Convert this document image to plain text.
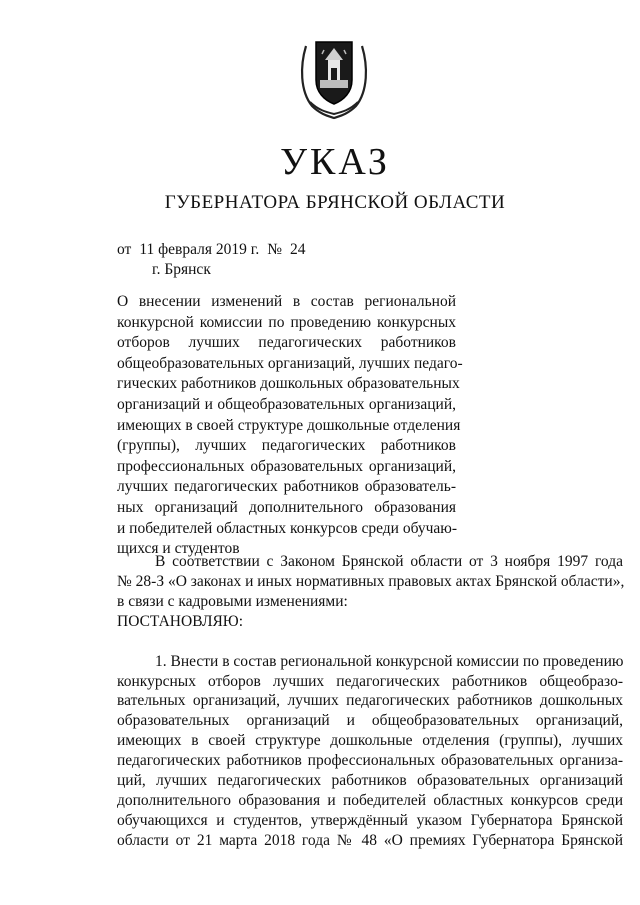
УКАЗ
ГУБЕРНАТОРА БРЯНСКОЙ ОБЛАСТИ
от 11 февраля 2019 г. № 24
г. Брянск
О внесении изменений в состав региональной
конкурсной комиссии по проведению конкурсных
отборов лучших педагогических работников
общеобразовательных организаций, лучших педаго-
гических работников дошкольных образовательных
организаций и общеобразовательных организаций,
имеющих в своей структуре дошкольные отделения
(группы), лучших педагогических работников
профессиональных образовательных организаций,
лучших педагогических работников образователь-
ных организаций дополнительного образования
и победителей областных конкурсов среди обучаю-
щихся и студентов
В соответствии с Законом Брянской области от 3 ноября 1997 года
№ 28-З «О законах и иных нормативных правовых актах Брянской области»,
в связи с кадровыми изменениями:
ПОСТАНОВЛЯЮ:
1. Внести в состав региональной конкурсной комиссии по проведению
конкурсных отборов лучших педагогических работников общеобразо-
вательных организаций, лучших педагогических работников дошкольных
образовательных организаций и общеобразовательных организаций,
имеющих в своей структуре дошкольные отделения (группы), лучших
педагогических работников профессиональных образовательных организа-
ций, лучших педагогических работников образовательных организаций
дополнительного образования и победителей областных конкурсов среди
обучающихся и студентов, утверждённый указом Губернатора Брянской
области от 21 марта 2018 года № 48 «О премиях Губернатора Брянской
